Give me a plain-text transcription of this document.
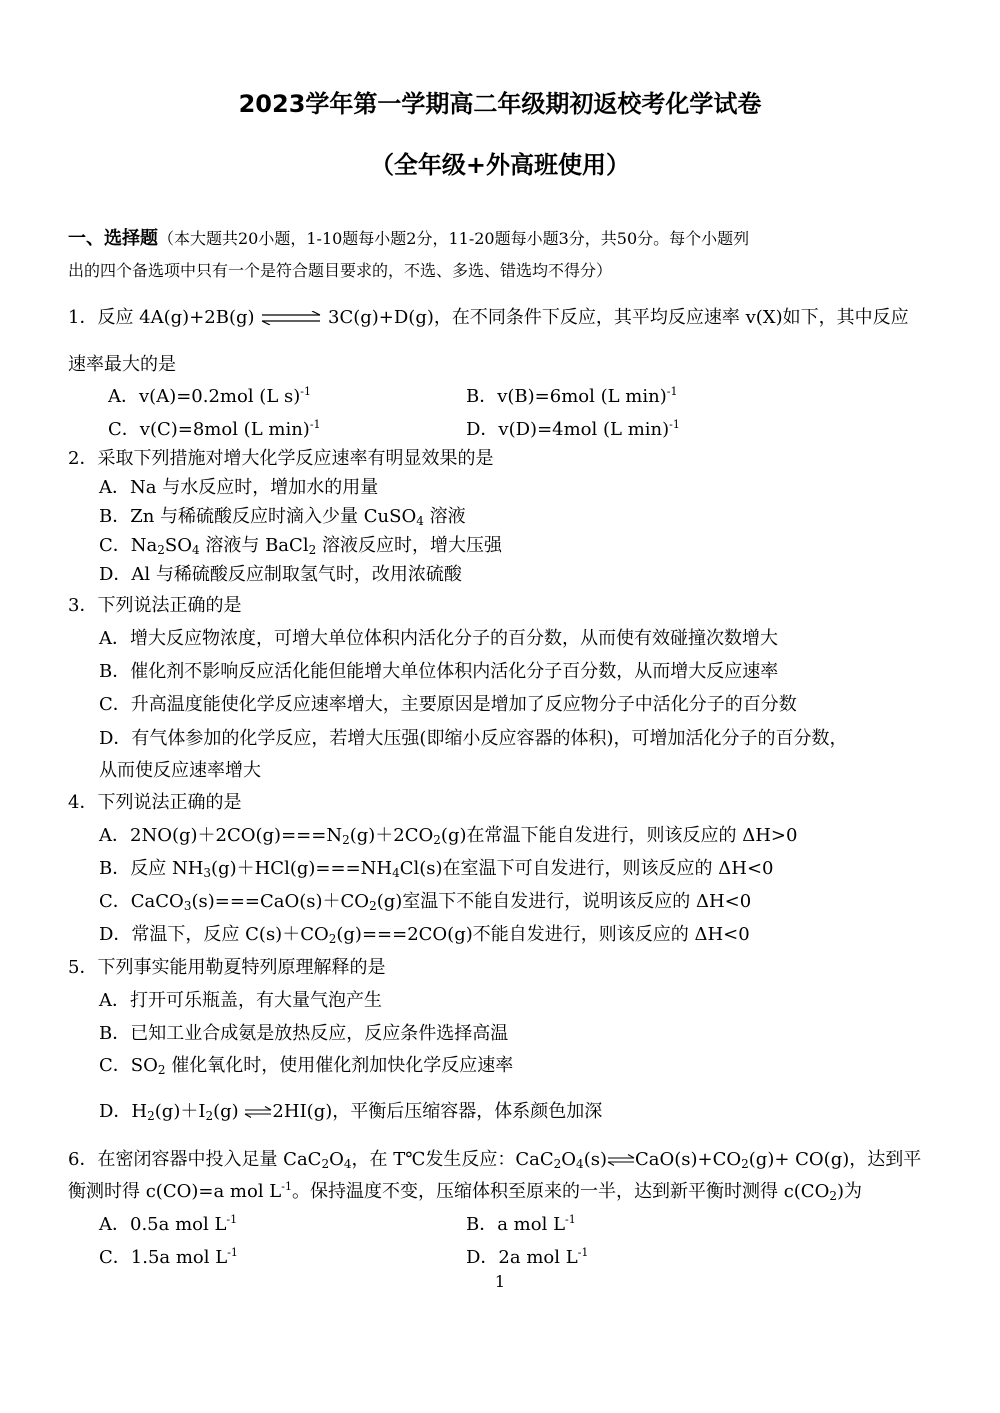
2023学年第一学期高二年级期初返校考化学试卷
（全年级+外高班使用）
一、选择题（本大题共20小题，1-10题每小题2分，11-20题每小题3分，共50分。每个小题列
出的四个备选项中只有一个是符合题目要求的，不选、多选、错选均不得分）
1．反应 4A(g)+2B(g) ⇌ 3C(g)+D(g)，在不同条件下反应，其平均反应速率 v(X)如下，其中反应
速率最大的是
A．v(A)=0.2mol (L s)$^{-1}$	B．v(B)=6mol (L min)$^{-1}$
C．v(C)=8mol (L min)$^{-1}$	D．v(D)=4mol (L min)$^{-1}$
2．采取下列措施对增大化学反应速率有明显效果的是
A．Na 与水反应时，增加水的用量
B．Zn 与稀硫酸反应时滴入少量 CuSO$_4$ 溶液
C．$Na_2SO_4$ 溶液与 BaCl$_2$ 溶液反应时，增大压强
D．Al 与稀硫酸反应制取氢气时，改用浓硫酸
3．下列说法正确的是
A．增大反应物浓度，可增大单位体积内活化分子的百分数，从而使有效碰撞次数增大
B．催化剂不影响反应活化能但能增大单位体积内活化分子百分数，从而增大反应速率
C．升高温度能使化学反应速率增大，主要原因是增加了反应物分子中活化分子的百分数
D．有气体参加的化学反应，若增大压强(即缩小反应容器的体积)，可增加活化分子的百分数，
从而使反应速率增大
4．下列说法正确的是
A．$2NO(g)+2CO(g)===N_2(g)+2CO_2(g)$在常温下能自发进行，则该反应的 ΔH>0
B．反应 $NH_3(g)+HCl(g)===NH_4Cl(s)$在室温下可自发进行，则该反应的 ΔH<0
C．$CaCO_3(s)===CaO(s)+CO_2(g)$室温下不能自发进行，说明该反应的 ΔH<0
D．常温下，反应 $C(s)+CO_2(g)===2CO(g)$不能自发进行，则该反应的 ΔH<0
5．下列事实能用勒夏特列原理解释的是
A．打开可乐瓶盖，有大量气泡产生
B．已知工业合成氨是放热反应，反应条件选择高温
C．$SO_2$ 催化氧化时，使用催化剂加快化学反应速率
D．$H_2(g)+I_2(g)$ ⇌2HI(g)，平衡后压缩容器，体系颜色加深
6．在密闭容器中投入足量 $CaC_2O_4$，在 T℃发生反应：$CaC_2O_4(s)\rightleftharpoons CaO(s)+CO_2(g)+ CO(g)$，达到平
衡测时得 c(CO)=a mol $L^{-1}$。保持温度不变，压缩体积至原来的一半，达到新平衡时测得 $c(CO_2)$为
A．0.5a mol $L^{-1}$	B．a mol $L^{-1}$
C．1.5a mol $L^{-1}$	D．2a mol $L^{-1}$
1
